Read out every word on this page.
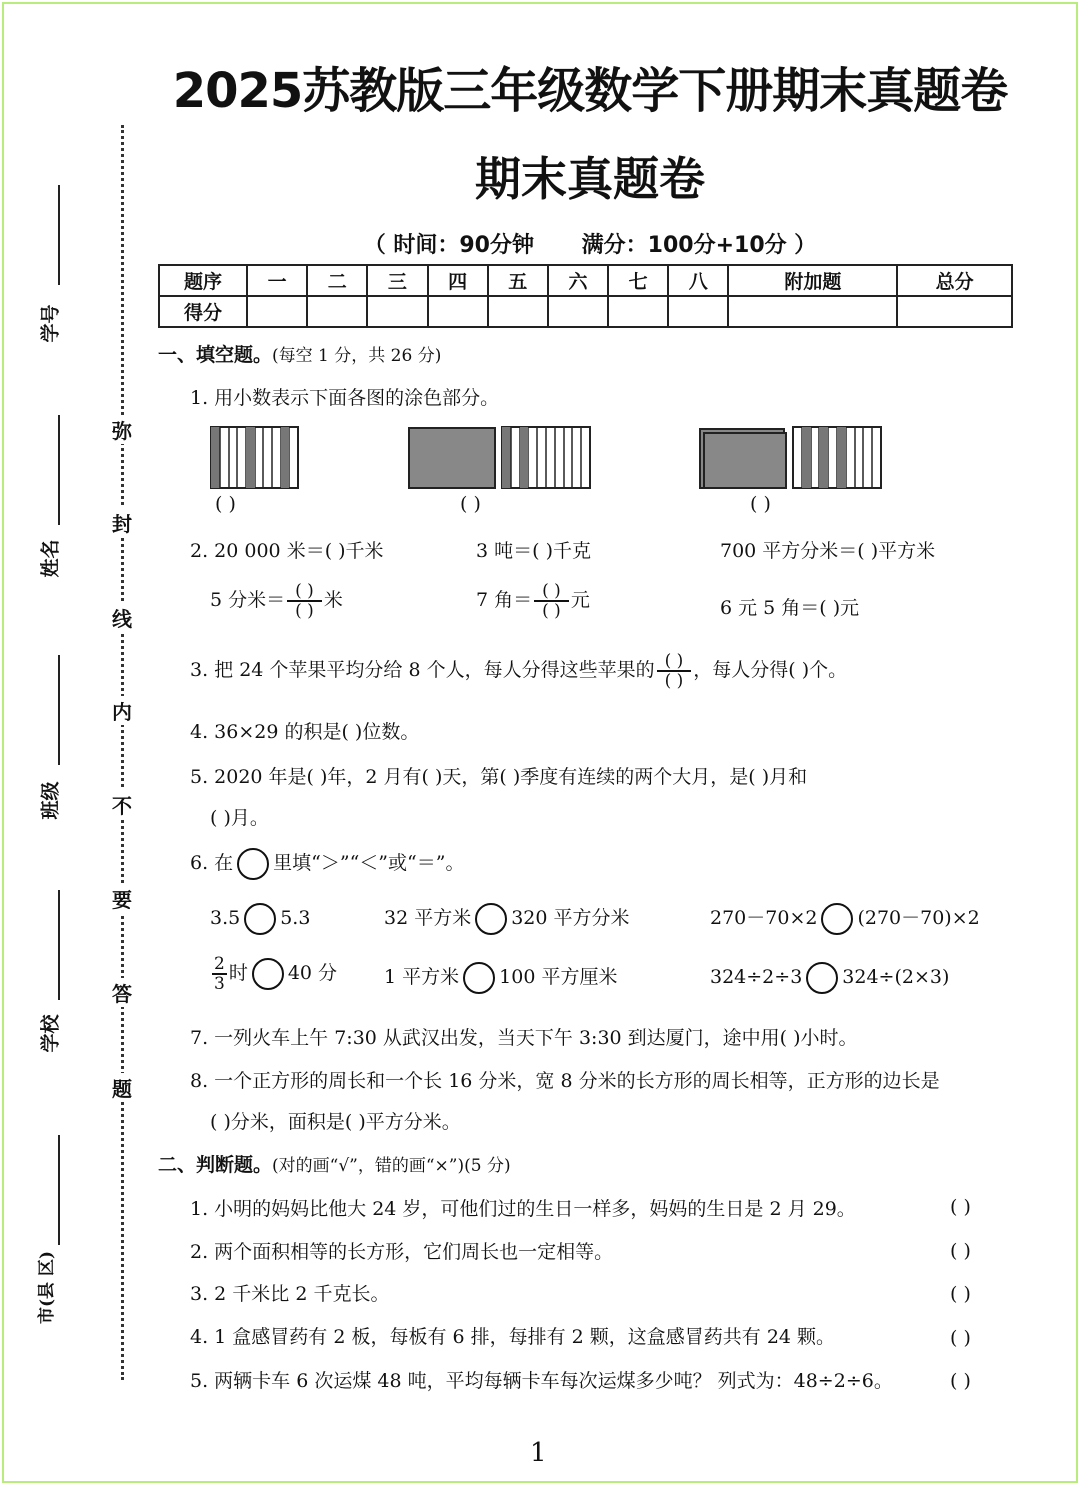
2025苏教版三年级数学下册期末真题卷
期末真题卷
（ 时间：90分钟 满分：100分+10分 ）
题序	一	二	三	四	五	六	七	八	附加题	总分
得分										
学号
姓名
班级
学校
市(县 区)
弥
封
线
内
不
要
答
题
一、填空题。(每空 1 分，共 26 分)
1. 用小数表示下面各图的涂色部分。
( )	( )	( )
2. 20 000 米＝( )千米	3 吨＝( )千克	700 平方分米＝( )平方米
5 分米＝ $\frac{( )}{( )}$ 米	7 角＝ $\frac{( )}{( )}$ 元	6 元 5 角＝( )元
3. 把 24 个苹果平均分给 8 个人，每人分得这些苹果的 $\frac{( )}{( )}$ ，每人分得( )个。
4. 36×29 的积是( )位数。
5. 2020 年是( )年，2 月有( )天，第( )季度有连续的两个大月，是( )月和
( )月。
6. 在 里填“＞”“＜”或“＝”。
3.5 5.3	32 平方米 320 平方分米	270－70×2 (270－70)×2
$\frac{2}{3}$ 时 40 分 1 平方米 100 平方厘米	324÷2÷3 324÷(2×3)
7. 一列火车上午 7:30 从武汉出发，当天下午 3:30 到达厦门，途中用( )小时。
8. 一个正方形的周长和一个长 16 分米，宽 8 分米的长方形的周长相等，正方形的边长是
( )分米，面积是( )平方分米。
二、判断题。(对的画“√”，错的画“×”)(5 分)
1. 小明的妈妈比他大 24 岁，可他们过的生日一样多，妈妈的生日是 2 月 29。	( )
2. 两个面积相等的长方形，它们周长也一定相等。	( )
3. 2 千米比 2 千克长。	( )
4. 1 盒感冒药有 2 板，每板有 6 排，每排有 2 颗，这盒感冒药共有 24 颗。	( )
5. 两辆卡车 6 次运煤 48 吨，平均每辆卡车每次运煤多少吨？ 列式为：48÷2÷6。	( )
1
